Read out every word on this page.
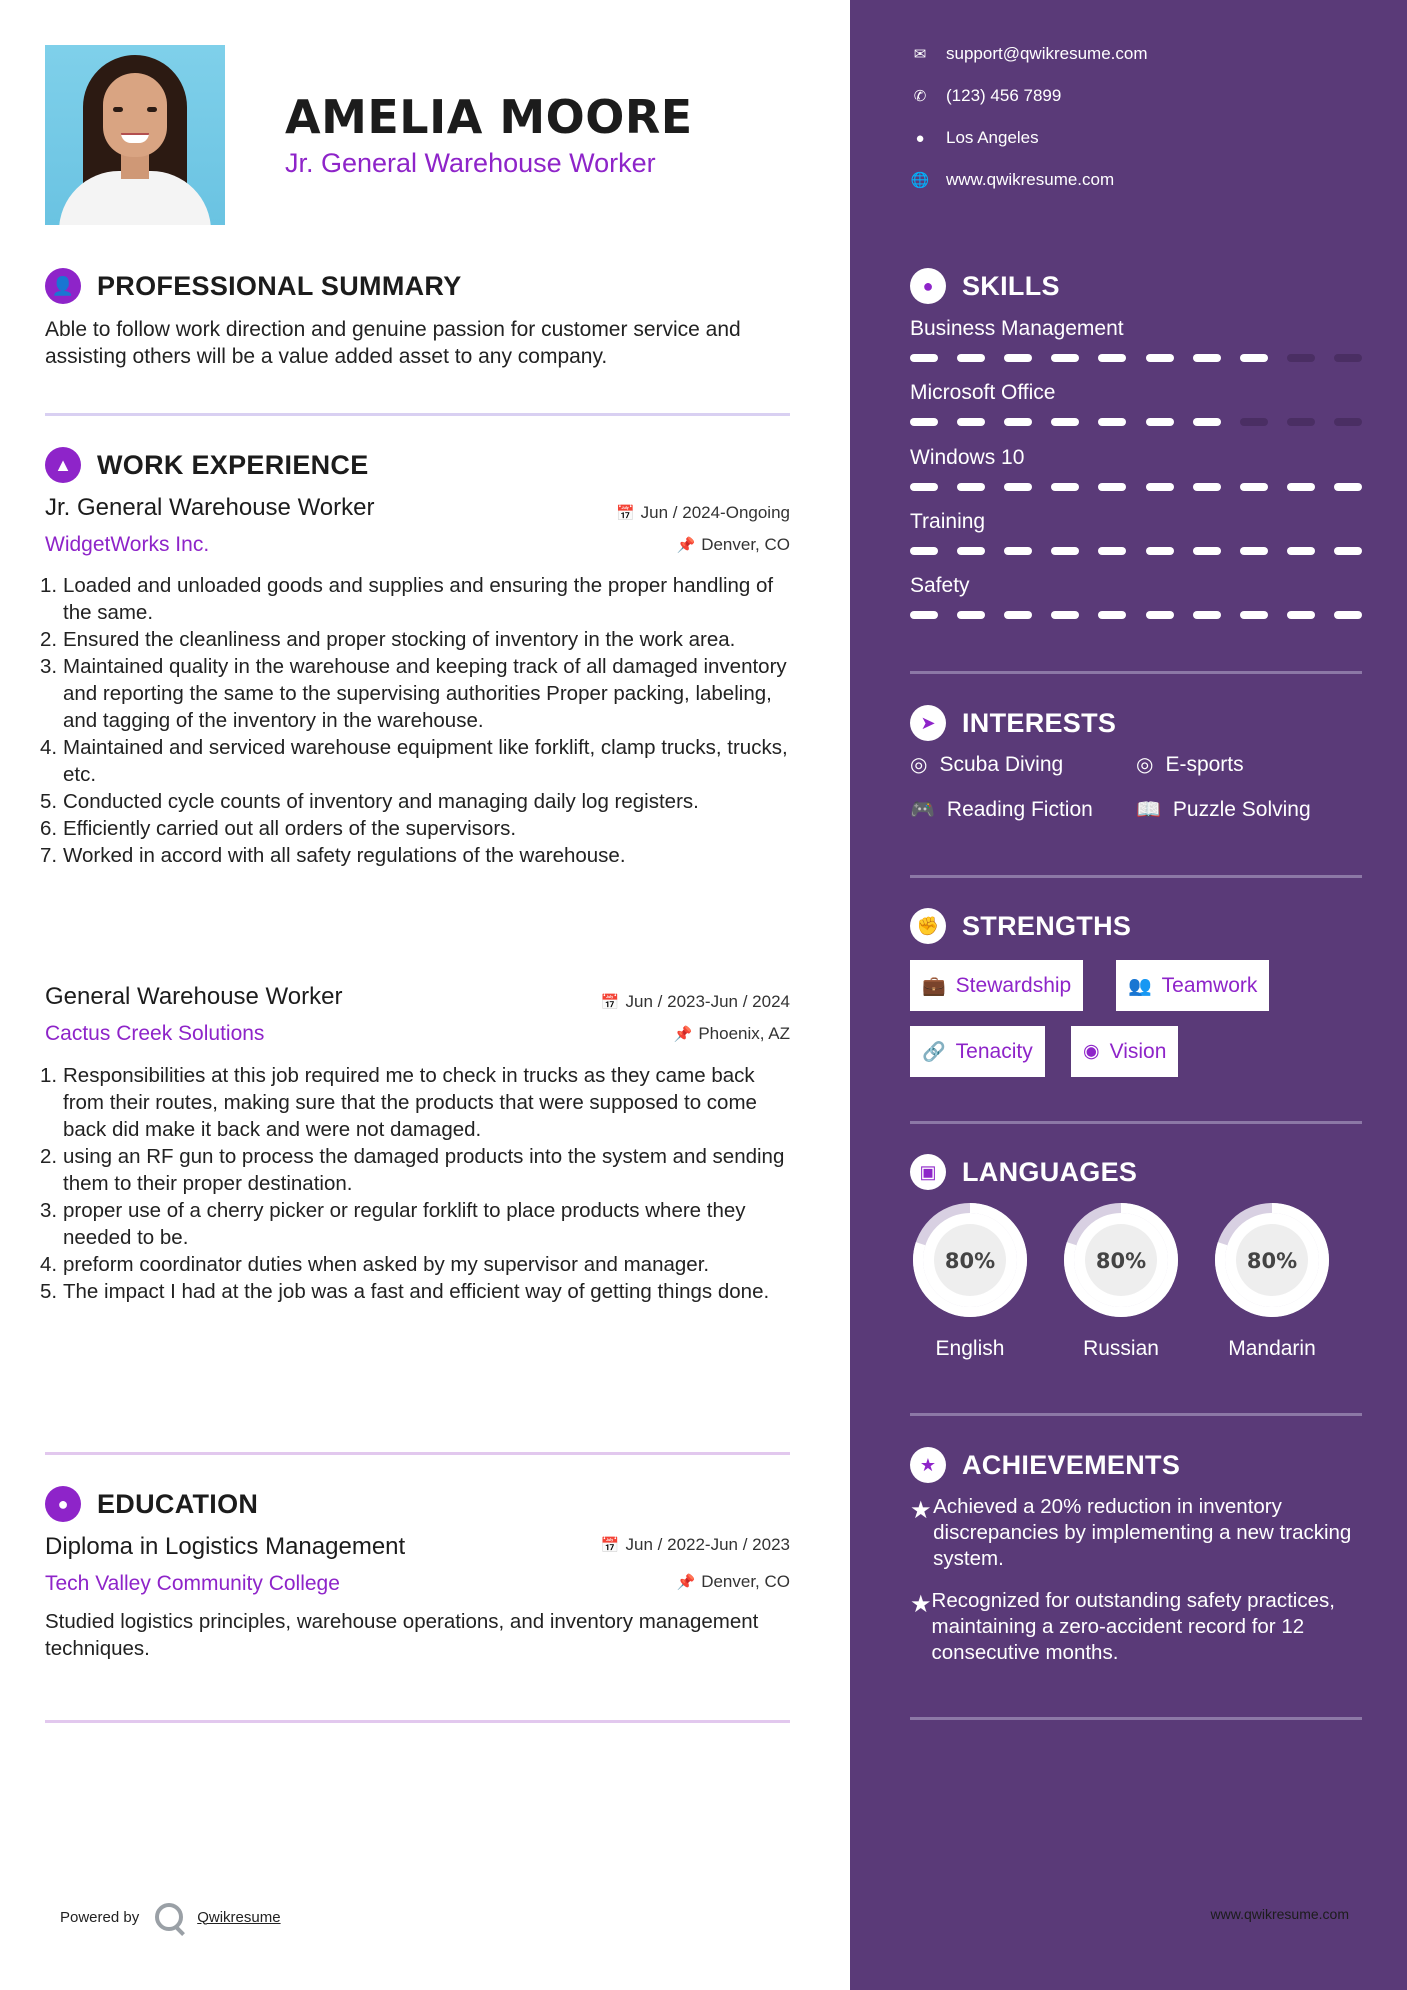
AMELIA MOORE
Jr. General Warehouse Worker
👤 PROFESSIONAL SUMMARY
Able to follow work direction and genuine passion for customer service and assisting others will be a value added asset to any company.
▲ WORK EXPERIENCE
Jr. General Warehouse Worker	📅 Jun / 2024-Ongoing
WidgetWorks Inc.	📌 Denver, CO
1. Loaded and unloaded goods and supplies and ensuring the proper handling of the same.
2. Ensured the cleanliness and proper stocking of inventory in the work area.
3. Maintained quality in the warehouse and keeping track of all damaged inventory and reporting the same to the supervising authorities Proper packing, labeling, and tagging of the inventory in the warehouse.
4. Maintained and serviced warehouse equipment like forklift, clamp trucks, trucks, etc.
5. Conducted cycle counts of inventory and managing daily log registers.
6. Efficiently carried out all orders of the supervisors.
7. Worked in accord with all safety regulations of the warehouse.
General Warehouse Worker	📅 Jun / 2023-Jun / 2024
Cactus Creek Solutions	📌 Phoenix, AZ
1. Responsibilities at this job required me to check in trucks as they came back from their routes, making sure that the products that were supposed to come back did make it back and were not damaged.
2. using an RF gun to process the damaged products into the system and sending them to their proper destination.
3. proper use of a cherry picker or regular forklift to place products where they needed to be.
4. preform coordinator duties when asked by my supervisor and manager.
5. The impact I had at the job was a fast and efficient way of getting things done.
●	EDUCATION
Diploma in Logistics Management	📅 Jun / 2022-Jun / 2023
Tech Valley Community College	📌 Denver, CO
Studied logistics principles, warehouse operations, and inventory management techniques.
Powered by	Qwikresume
✉ support@qwikresume.com
✆ (123) 456 7899
●	Los Angeles
🌐 www.qwikresume.com
●	SKILLS
Business Management
Microsoft Office
Windows 10
Training
Safety
➤ INTERESTS
◎ Scuba Diving	◎ E-sports
🎮 Reading Fiction 📖 Puzzle Solving
✊ STRENGTHS
💼 Stewardship	👥 Teamwork
🔗 Tenacity	◉ Vision
▣ LANGUAGES
80%
English
80%
Russian
80%
Mandarin
★ ACHIEVEMENTS
★ Achieved a 20% reduction in inventory discrepancies by implementing a new tracking system.
★ Recognized for outstanding safety practices, maintaining a zero-accident record for 12 consecutive months.
www.qwikresume.com
